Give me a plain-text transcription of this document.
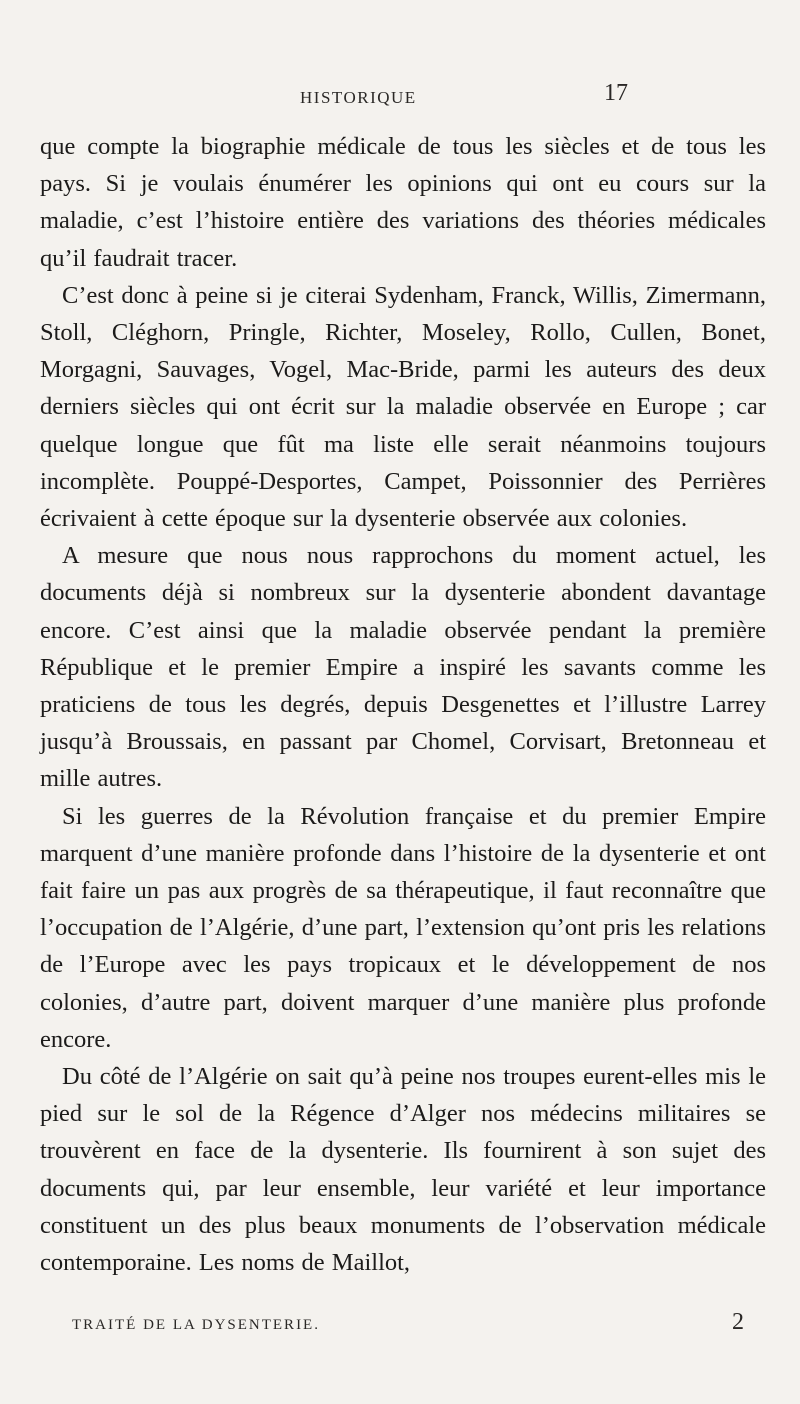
HISTORIQUE	17

que compte la biographie médicale de tous les siècles et de tous les pays. Si je voulais énumérer les opinions qui ont eu cours sur la maladie, c’est l’histoire entière des variations des théories médicales qu’il faudrait tracer.

C’est donc à peine si je citerai Sydenham, Franck, Willis, Zimermann, Stoll, Cléghorn, Pringle, Richter, Moseley, Rollo, Cullen, Bonet, Morgagni, Sauvages, Vogel, Mac-Bride, parmi les auteurs des deux derniers siècles qui ont écrit sur la maladie observée en Europe ; car quelque longue que fût ma liste elle serait néanmoins toujours incomplète. Pouppé-Desportes, Campet, Poissonnier des Perrières écrivaient à cette époque sur la dysenterie observée aux colonies.

A mesure que nous nous rapprochons du moment actuel, les documents déjà si nombreux sur la dysenterie abondent davantage encore. C’est ainsi que la maladie observée pendant la première République et le premier Empire a inspiré les savants comme les praticiens de tous les degrés, depuis Desgenettes et l’illustre Larrey jusqu’à Broussais, en passant par Chomel, Corvisart, Bretonneau et mille autres.

Si les guerres de la Révolution française et du premier Empire marquent d’une manière profonde dans l’histoire de la dysenterie et ont fait faire un pas aux progrès de sa thérapeutique, il faut reconnaître que l’occupation de l’Algérie, d’une part, l’extension qu’ont pris les relations de l’Europe avec les pays tropicaux et le développement de nos colonies, d’autre part, doivent marquer d’une manière plus profonde encore.

Du côté de l’Algérie on sait qu’à peine nos troupes eurent-elles mis le pied sur le sol de la Régence d’Alger nos médecins militaires se trouvèrent en face de la dysenterie. Ils fournirent à son sujet des documents qui, par leur ensemble, leur variété et leur importance constituent un des plus beaux monuments de l’observation médicale contemporaine. Les noms de Maillot,

TRAITÉ DE LA DYSENTERIE.	2
